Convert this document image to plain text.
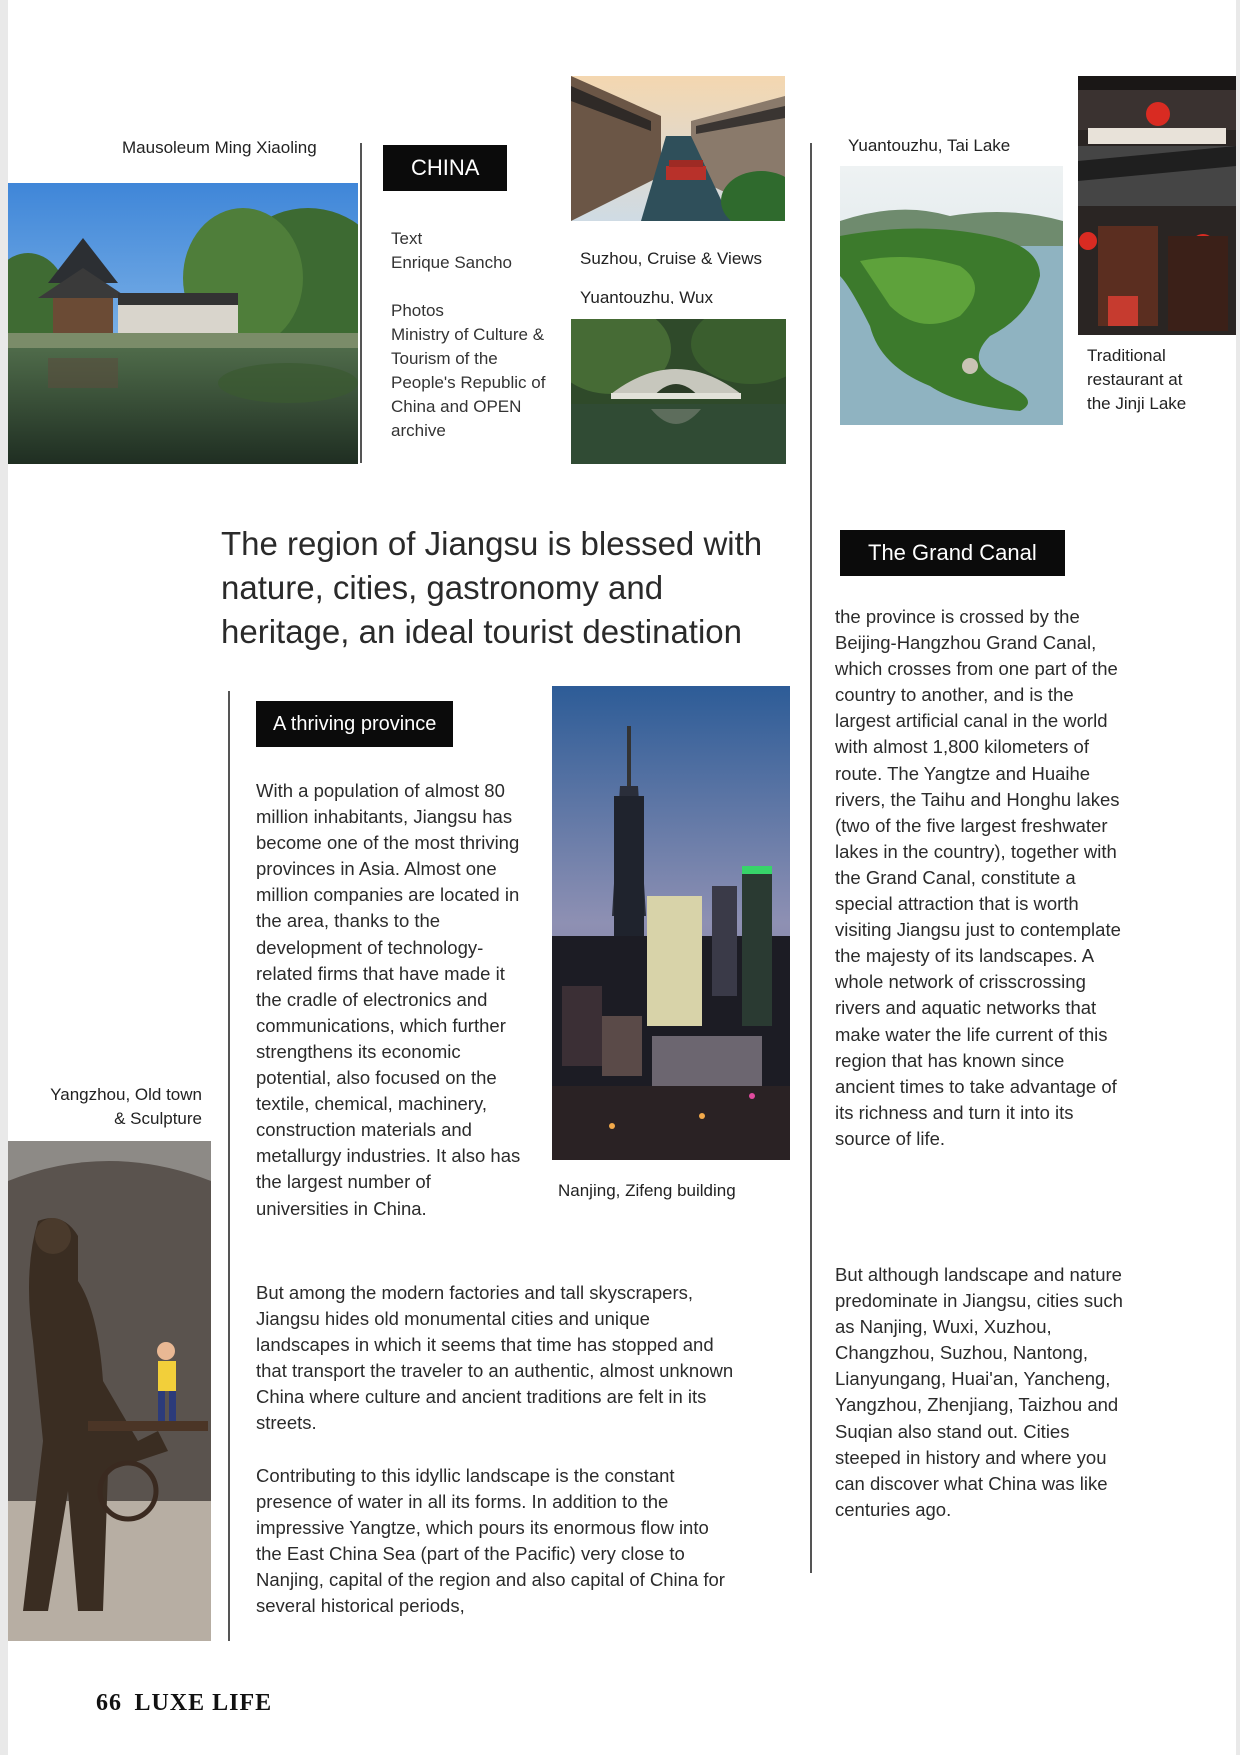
Mausoleum Ming Xiaoling
CHINA
Text
Enrique Sancho
Photos
Ministry of Culture & Tourism of the People's Republic of China and OPEN archive
Suzhou, Cruise & Views
Yuantouzhu, Wux
Yuantouzhu, Tai Lake
Traditional restaurant at the Jinji Lake
The region of Jiangsu is blessed with nature, cities, gastronomy and heritage, an ideal tourist destination
The Grand Canal
A thriving province
Nanjing, Zifeng building
With a population of almost 80 million inhabitants, Jiangsu has become one of the most thriving provinces in Asia. Almost one million companies are located in the area, thanks to the development of technology-related firms that have made it the cradle of electronics and communications, which further strengthens its economic potential, also focused on the textile, chemical, machinery, construction materials and metallurgy industries. It also has the largest number of universities in China.
But among the modern factories and tall skyscrapers, Jiangsu hides old monumental cities and unique landscapes in which it seems that time has stopped and that transport the traveler to an authentic, almost unknown China where culture and ancient traditions are felt in its streets.
Contributing to this idyllic landscape is the constant presence of water in all its forms. In addition to the impressive Yangtze, which pours its enormous flow into the East China Sea (part of the Pacific) very close to Nanjing, capital of the region and also capital of China for several historical periods,
Yangzhou, Old town & Sculpture
the province is crossed by the Beijing-Hangzhou Grand Canal, which crosses from one part of the country to another, and is the largest artificial canal in the world with almost 1,800 kilometers of route. The Yangtze and Huaihe rivers, the Taihu and Honghu lakes (two of the five largest freshwater lakes in the country), together with the Grand Canal, constitute a special attraction that is worth visiting Jiangsu just to contemplate the majesty of its landscapes. A whole network of crisscrossing rivers and aquatic networks that make water the life current of this region that has known since ancient times to take advantage of its richness and turn it into its source of life.
But although landscape and nature predominate in Jiangsu, cities such as Nanjing, Wuxi, Xuzhou, Changzhou, Suzhou, Nantong, Lianyungang, Huai'an, Yancheng, Yangzhou, Zhenjiang, Taizhou and Suqian also stand out. Cities steeped in history and where you can discover what China was like centuries ago.
66 LUXE LIFE
